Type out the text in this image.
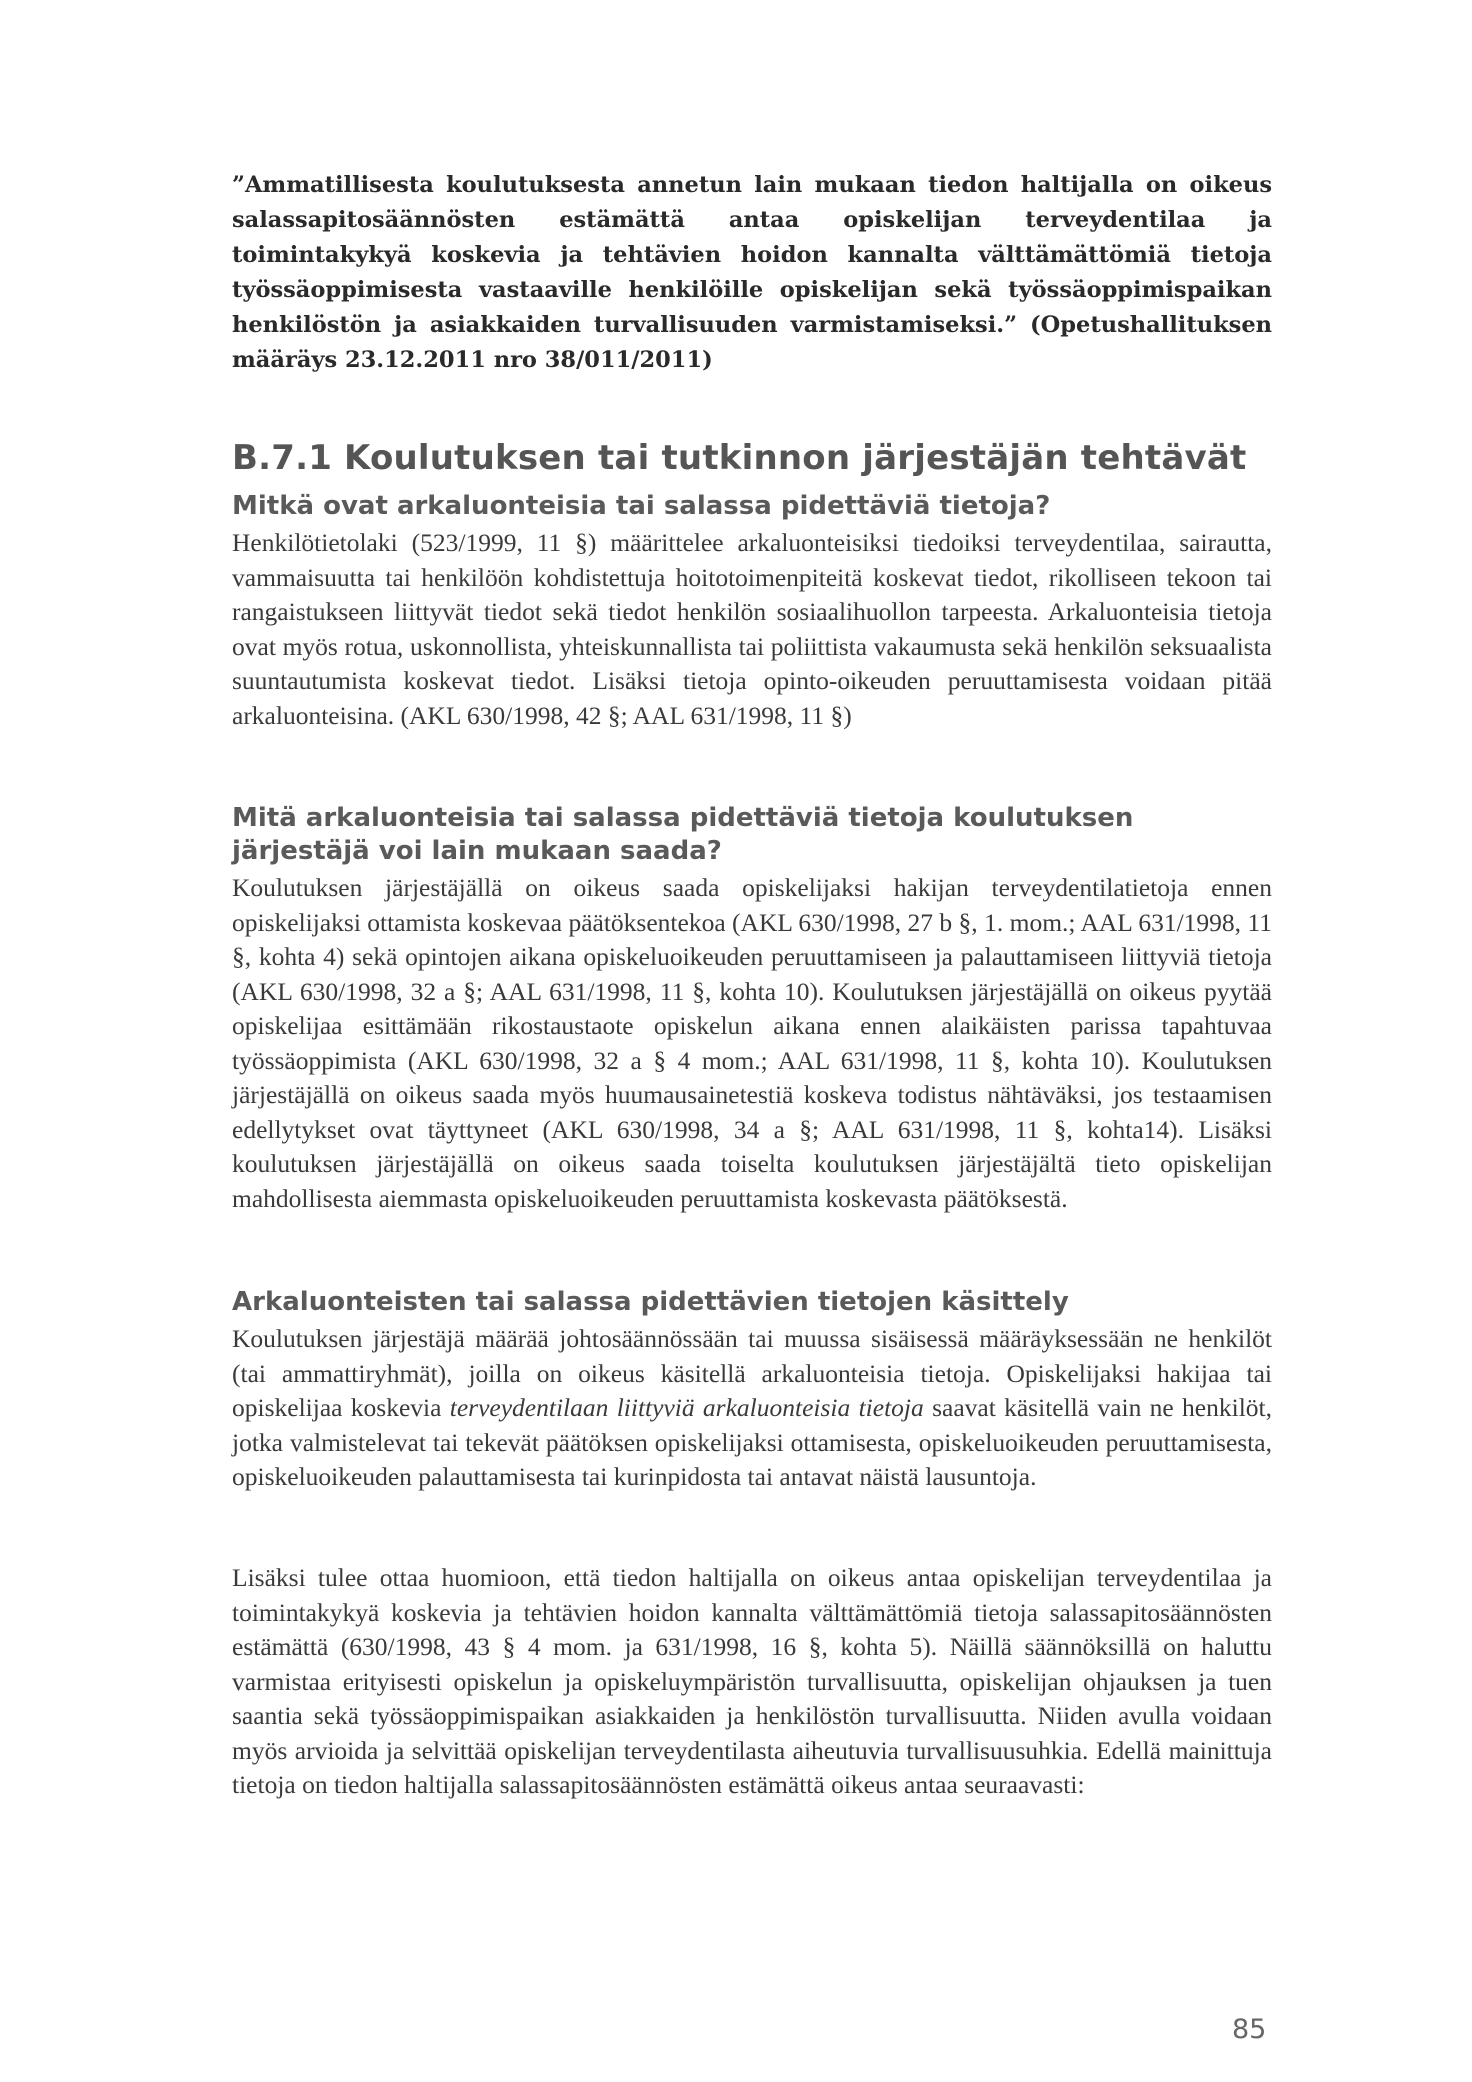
”Ammatillisesta koulutuksesta annetun lain mukaan tiedon haltijalla on oikeus salassapitosäännösten estämättä antaa opiskelijan terveydentilaa ja toimintakykyä koskevia ja tehtävien hoidon kannalta välttämättömiä tietoja työssäoppimisesta vastaaville henkilöille opiskelijan sekä työssäoppimispaikan henkilöstön ja asiakkaiden turvallisuuden varmistamiseksi.” (Opetushallituksen määräys 23.12.2011 nro 38/011/2011)

B.7.1 Koulutuksen tai tutkinnon järjestäjän tehtävät
Mitkä ovat arkaluonteisia tai salassa pidettäviä tietoja?

Henkilötietolaki (523/1999, 11 §) määrittelee arkaluonteisiksi tiedoiksi terveydentilaa, sairautta, vammaisuutta tai henkilöön kohdistettuja hoitotoimenpiteitä koskevat tiedot, rikolliseen tekoon tai rangaistukseen liittyvät tiedot sekä tiedot henkilön sosiaalihuollon tarpeesta. Arkaluonteisia tietoja ovat myös rotua, uskonnollista, yhteiskunnallista tai poliittista vakaumusta sekä henkilön seksuaalista suuntautumista koskevat tiedot. Lisäksi tietoja opinto-oikeuden peruuttamisesta voidaan pitää arkaluonteisina. (AKL 630/1998, 42 §; AAL 631/1998, 11 §)

Mitä arkaluonteisia tai salassa pidettäviä tietoja koulutuksen järjestäjä voi lain mukaan saada?

Koulutuksen järjestäjällä on oikeus saada opiskelijaksi hakijan terveydentilatietoja ennen opiskelijaksi ottamista koskevaa päätöksentekoa (AKL 630/1998, 27 b §, 1. mom.; AAL 631/1998, 11 §, kohta 4) sekä opintojen aikana opiskeluoikeuden peruuttamiseen ja palauttamiseen liittyviä tietoja (AKL 630/1998, 32 a §; AAL 631/1998, 11 §, kohta 10). Koulutuksen järjestäjällä on oikeus pyytää opiskelijaa esittämään rikostaustaote opiskelun aikana ennen alaikäisten parissa tapahtuvaa työssäoppimista (AKL 630/1998, 32 a § 4 mom.; AAL 631/1998, 11 §, kohta 10). Koulutuksen järjestäjällä on oikeus saada myös huumausainetestiä koskeva todistus nähtäväksi, jos testaamisen edellytykset ovat täyttyneet (AKL 630/1998, 34 a §; AAL 631/1998, 11 §, kohta14). Lisäksi koulutuksen järjestäjällä on oikeus saada toiselta koulutuksen järjestäjältä tieto opiskelijan mahdollisesta aiemmasta opiskeluoikeuden peruuttamista koskevasta päätöksestä.

Arkaluonteisten tai salassa pidettävien tietojen käsittely

Koulutuksen järjestäjä määrää johtosäännössään tai muussa sisäisessä määräyksessään ne henkilöt (tai ammattiryhmät), joilla on oikeus käsitellä arkaluonteisia tietoja. Opiskelijaksi hakijaa tai opiskelijaa koskevia terveydentilaan liittyviä arkaluonteisia tietoja saavat käsitellä vain ne henkilöt, jotka valmistelevat tai tekevät päätöksen opiskelijaksi ottamisesta, opiskeluoikeuden peruuttamisesta, opiskeluoikeuden palauttamisesta tai kurinpidosta tai antavat näistä lausuntoja.

Lisäksi tulee ottaa huomioon, että tiedon haltijalla on oikeus antaa opiskelijan terveydentilaa ja toimintakykyä koskevia ja tehtävien hoidon kannalta välttämättömiä tietoja salassapitosäännösten estämättä (630/1998, 43 § 4 mom. ja 631/1998, 16 §, kohta 5). Näillä säännöksillä on haluttu varmistaa erityisesti opiskelun ja opiskeluympäristön turvallisuutta, opiskelijan ohjauksen ja tuen saantia sekä työssäoppimispaikan asiakkaiden ja henkilöstön turvallisuutta. Niiden avulla voidaan myös arvioida ja selvittää opiskelijan terveydentilasta aiheutuvia turvallisuusuhkia. Edellä mainittuja tietoja on tiedon haltijalla salassapitosäännösten estämättä oikeus antaa seuraavasti:

85
